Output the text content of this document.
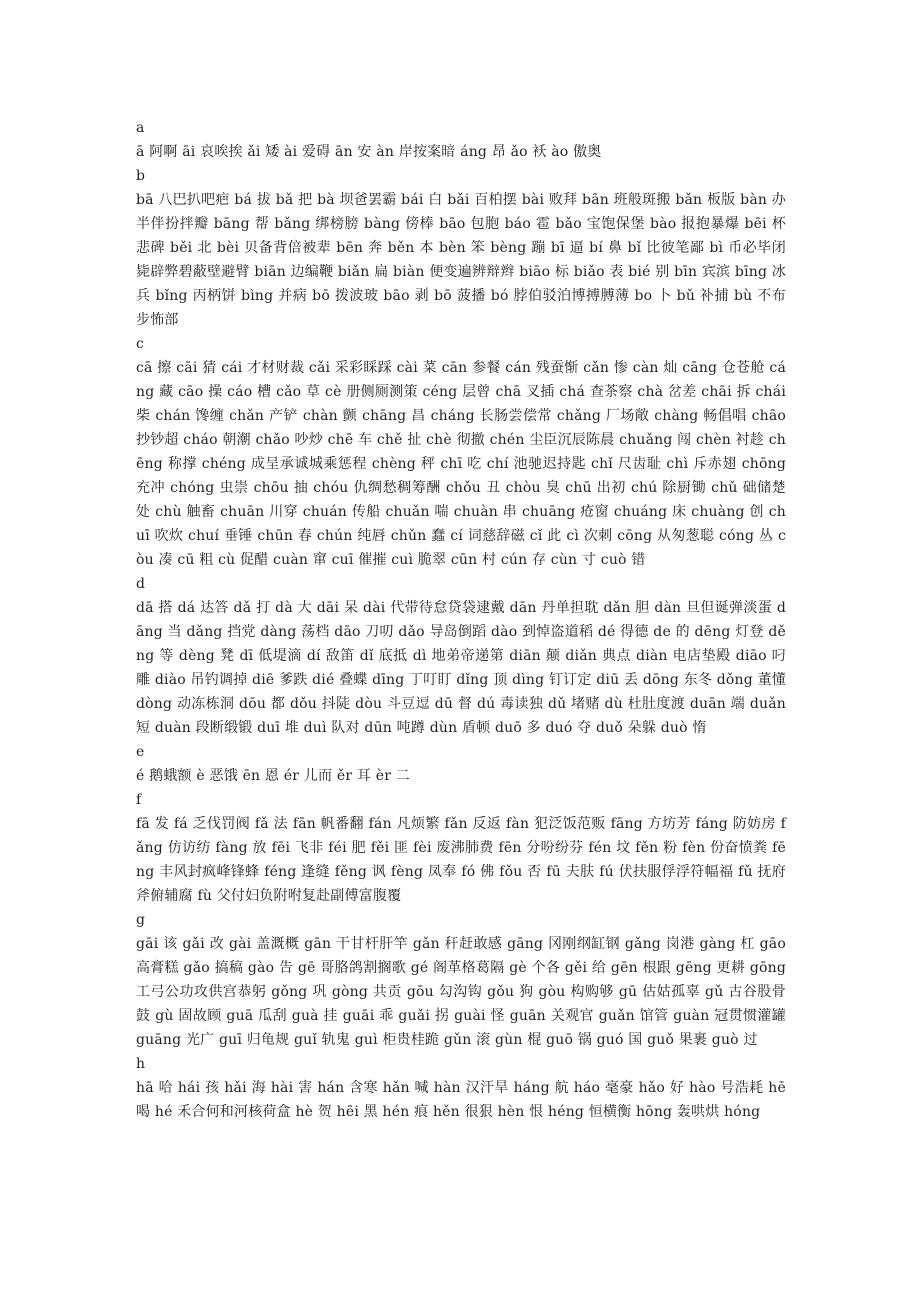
a

ā 阿啊 āi 哀唉挨 ǎi 矮 ài 爱碍 ān 安 àn 岸按案暗 áng 昂 ǎo 袄 ào 傲奥

b

bā 八巴扒吧疤 bá 拔 bǎ 把 bà 坝爸罢霸 bái 白 bǎi 百柏摆 bài 败拜 bān 班般斑搬 bǎn 板版 bàn 办半伴扮拌瓣 bāng 帮 bǎng 绑榜膀 bàng 傍棒 bāo 包胞 báo 雹 bǎo 宝饱保堡 bào 报抱暴爆 bēi 杯悲碑 běi 北 bèi 贝备背倍被辈 bēn 奔 běn 本 bèn 笨 bèng 蹦 bī 逼 bí 鼻 bǐ 比彼笔鄙 bì 币必毕闭毙辟弊碧蔽壁避臂 biān 边编鞭 biǎn 扁 biàn 便变遍辨辩辫 biāo 标 biǎo 表 bié 别 bīn 宾滨 bīng 冰兵 bǐng 丙柄饼 bìng 并病 bō 拨波玻 bāo 剥 bō 菠播 bó 脖伯驳泊博搏膊薄 bo 卜 bǔ 补捕 bù 不布步怖部

c

cā 擦 cāi 猜 cái 才材财裁 cǎi 采彩睬踩 cài 菜 cān 参餐 cán 残蚕惭 cǎn 惨 càn 灿 cāng 仓苍舱 cáng 藏 cāo 操 cáo 槽 cǎo 草 cè 册侧厕测策 céng 层曾 chā 叉插 chá 查茶察 chà 岔差 chāi 拆 chái 柴 chán 馋缠 chǎn 产铲 chàn 颤 chāng 昌 cháng 长肠尝偿常 chǎng 厂场敞 chàng 畅倡唱 chāo 抄钞超 cháo 朝潮 chǎo 吵炒 chē 车 chě 扯 chè 彻撤 chén 尘臣沉辰陈晨 chuǎng 闯 chèn 衬趁 chēng 称撑 chéng 成呈承诚城乘惩程 chèng 秤 chī 吃 chí 池驰迟持匙 chǐ 尺齿耻 chì 斥赤翅 chōng 充冲 chóng 虫崇 chōu 抽 chóu 仇绸愁稠筹酬 chǒu 丑 chòu 臭 chū 出初 chú 除厨锄 chǔ 础储楚处 chù 触畜 chuān 川穿 chuán 传船 chuǎn 喘 chuàn 串 chuāng 疮窗 chuáng 床 chuàng 创 chuī 吹炊 chuí 垂锤 chūn 春 chún 纯唇 chǔn 蠢 cí 词慈辞磁 cǐ 此 cì 次刺 cōng 从匆葱聪 cóng 丛 còu 凑 cū 粗 cù 促醋 cuàn 窜 cuī 催摧 cuì 脆翠 cūn 村 cún 存 cùn 寸 cuò 错

d

dā 搭 dá 达答 dǎ 打 dà 大 dāi 呆 dài 代带待怠贷袋逮戴 dān 丹单担耽 dǎn 胆 dàn 旦但诞弹淡蛋 dāng 当 dǎng 挡党 dàng 荡档 dāo 刀叨 dǎo 导岛倒蹈 dào 到悼盗道稻 dé 得德 de 的 dēng 灯登 děng 等 dèng 凳 dī 低堤滴 dí 敌笛 dǐ 底抵 dì 地弟帝递第 diān 颠 diǎn 典点 diàn 电店垫殿 diāo 叼雕 diào 吊钓调掉 diē 爹跌 dié 叠蝶 dīng 丁叮盯 dǐng 顶 dìng 钉订定 diū 丢 dōng 东冬 dǒng 董懂 dòng 动冻栋洞 dōu 都 dǒu 抖陡 dòu 斗豆逗 dū 督 dú 毒读独 dǔ 堵赌 dù 杜肚度渡 duān 端 duǎn 短 duàn 段断缎锻 duī 堆 duì 队对 dūn 吨蹲 dùn 盾顿 duō 多 duó 夺 duǒ 朵躲 duò 惰

e

é 鹅蛾额 è 恶饿 ēn 恩 ér 儿而 ěr 耳 èr 二

f

fā 发 fá 乏伐罚阀 fǎ 法 fān 帆番翻 fán 凡烦繁 fǎn 反返 fàn 犯泛饭范贩 fāng 方坊芳 fáng 防妨房 fǎng 仿访纺 fàng 放 fēi 飞非 féi 肥 fěi 匪 fèi 废沸肺费 fēn 分吩纷芬 fén 坟 fěn 粉 fèn 份奋愤粪 fēng 丰风封疯峰锋蜂 féng 逢缝 fěng 讽 fèng 凤奉 fó 佛 fǒu 否 fū 夫肤 fú 伏扶服俘浮符幅福 fǔ 抚府斧俯辅腐 fù 父付妇负附咐复赴副傅富腹覆

g

gāi 该 gǎi 改 gài 盖溉概 gān 干甘杆肝竿 gǎn 秆赶敢感 gāng 冈刚纲缸钢 gǎng 岗港 gàng 杠 gāo 高膏糕 gǎo 搞稿 gào 告 gē 哥胳鸽割搁歌 gé 阁革格葛隔 gè 个各 gěi 给 gēn 根跟 gēng 更耕 gōng 工弓公功攻供宫恭躬 gǒng 巩 gòng 共贡 gōu 勾沟钩 gǒu 狗 gòu 构购够 gū 估姑孤辜 gǔ 古谷股骨鼓 gù 固故顾 guā 瓜刮 guà 挂 guāi 乖 guǎi 拐 guài 怪 guān 关观官 guǎn 馆管 guàn 冠贯惯灌罐 guāng 光广 guī 归龟规 guǐ 轨鬼 guì 柜贵桂跪 gǔn 滚 gùn 棍 guō 锅 guó 国 guǒ 果裹 guò 过

h

hā 哈 hái 孩 hǎi 海 hài 害 hán 含寒 hǎn 喊 hàn 汉汗旱 háng 航 háo 毫豪 hǎo 好 hào 号浩耗 hē 喝 hé 禾合何和河核荷盒 hè 贺 hēi 黑 hén 痕 hěn 很狠 hèn 恨 héng 恒横衡 hōng 轰哄烘 hóng
